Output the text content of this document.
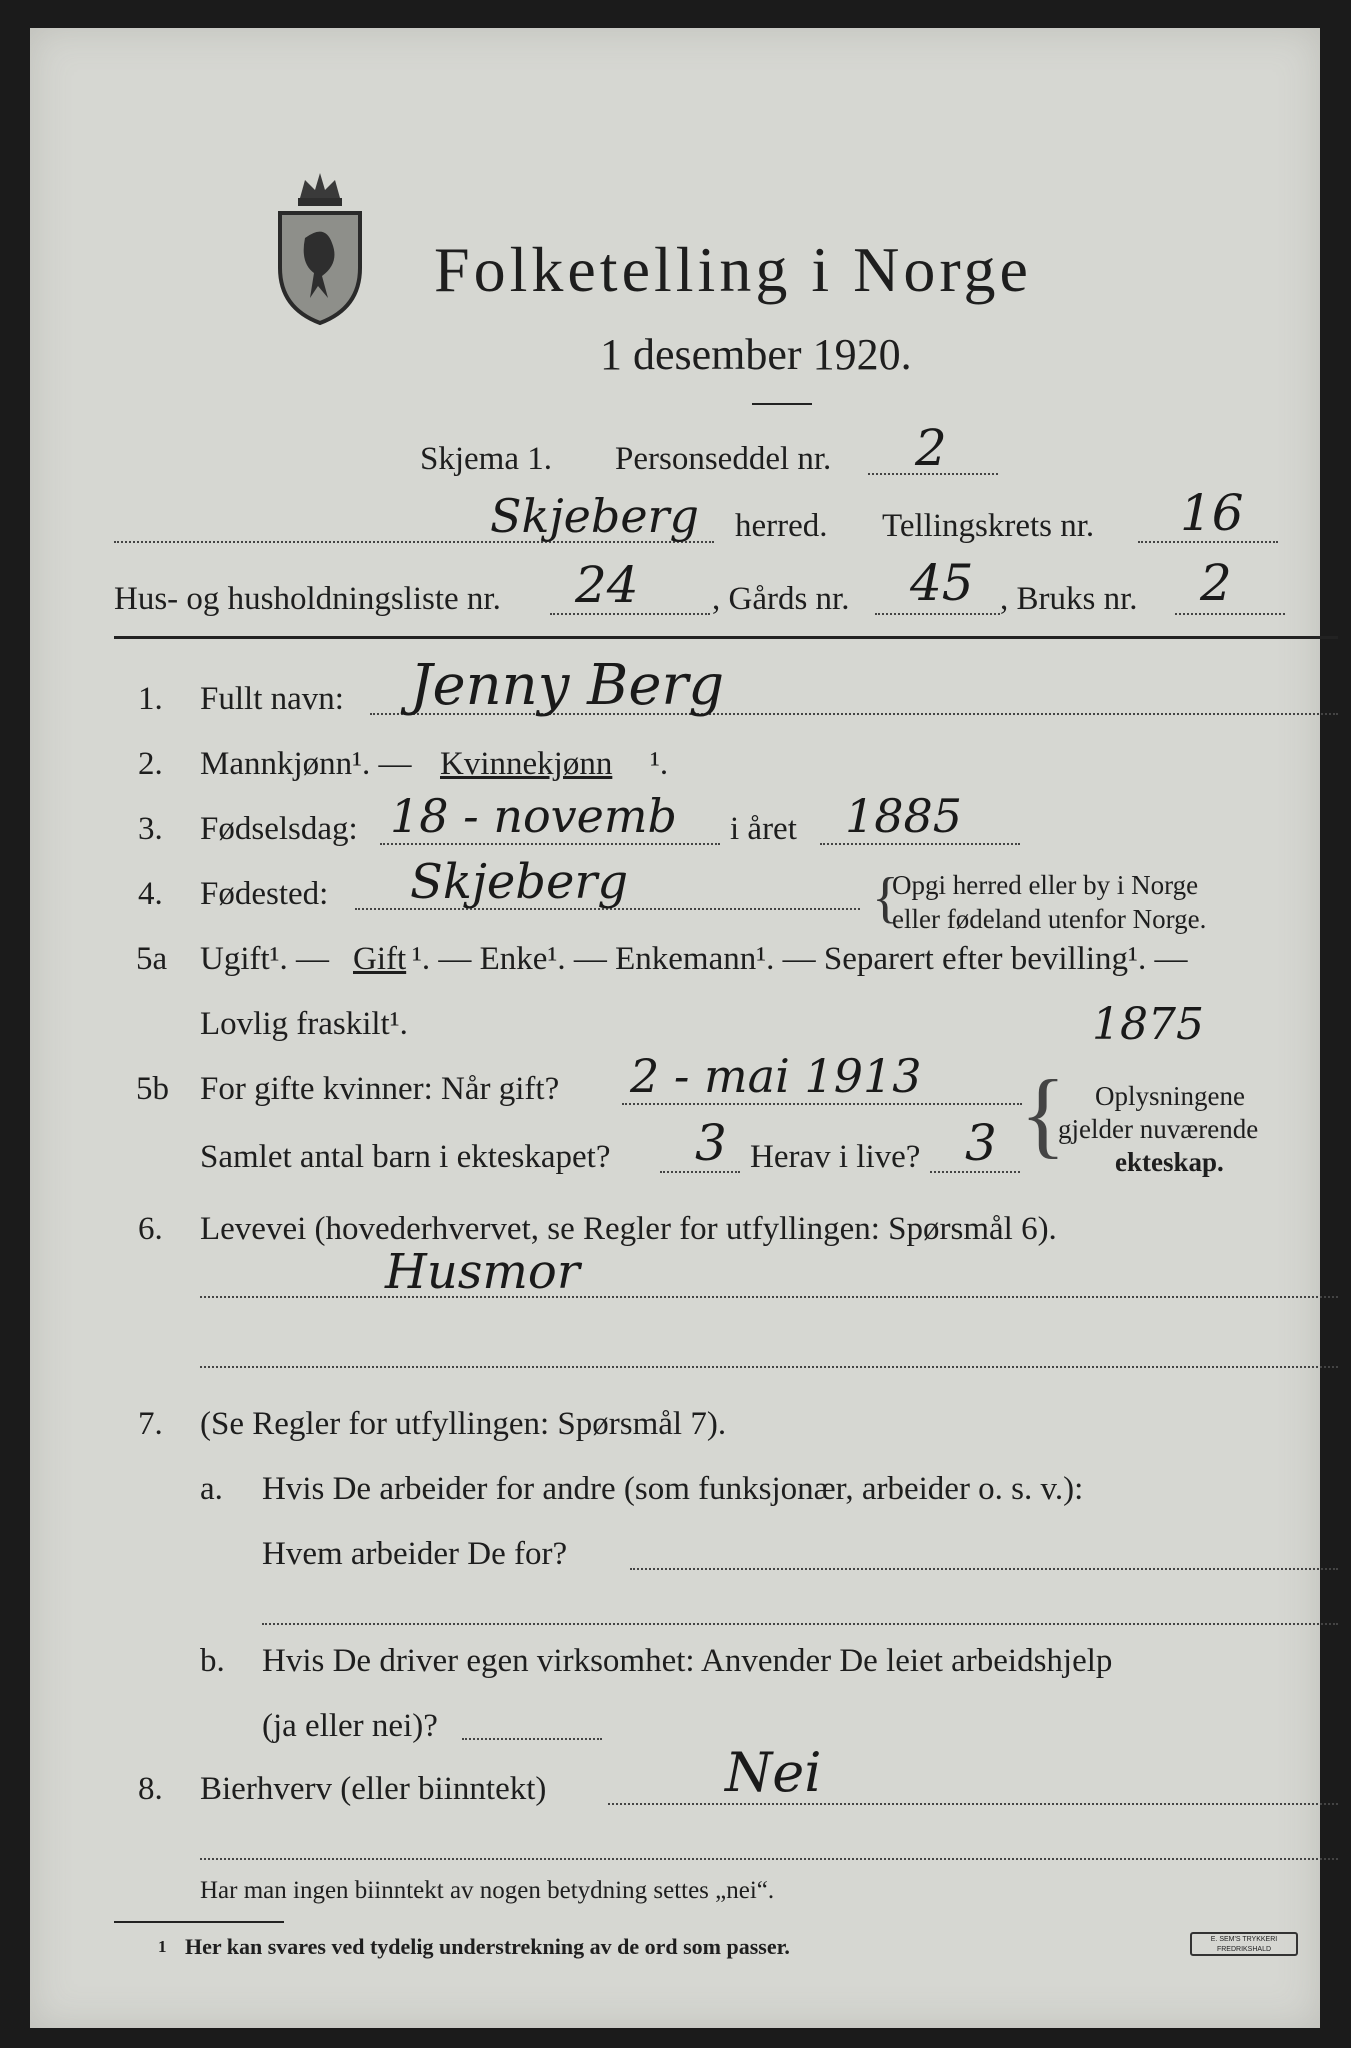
Folketelling i Norge
1 desember 1920.
Skjema 1. Personseddel nr. 2
Skjeberg herred. Tellingskrets nr. 16
Hus- og husholdningsliste nr. 24 , Gårds nr. 45 , Bruks nr. 2
1. Fullt navn: Jenny Berg
2. Mannkjønn¹. — Kvinnekjønn ¹.
3. Fødselsdag: 18 - novemb i året 1885
4. Fødested: Skjeberg	{
Opgi herred eller by i Norge
eller fødeland utenfor Norge.
5a Ugift¹. — Gift ¹. — Enke¹. — Enkemann¹. — Separert efter bevilling¹. —
Lovlig fraskilt¹.	1875
5b For gifte kvinner: Når gift? 2 - mai 1913
Samlet antal barn i ekteskapet? 3 Herav i live? 3 { Oplysningene
gjelder nuværende
ekteskap.
6. Levevei (hovederhvervet, se Regler for utfyllingen: Spørsmål 6).
Husmor
7. (Se Regler for utfyllingen: Spørsmål 7).
a. Hvis De arbeider for andre (som funksjonær, arbeider o. s. v.):
Hvem arbeider De for?
b. Hvis De driver egen virksomhet: Anvender De leiet arbeidshjelp
(ja eller nei)?
8. Bierhverv (eller biinntekt)	Nei
Har man ingen biinntekt av nogen betydning settes „nei“.
1 Her kan svares ved tydelig understrekning av de ord som passer.	E. SEM'S TRYKKERI FREDRIKSHALD
